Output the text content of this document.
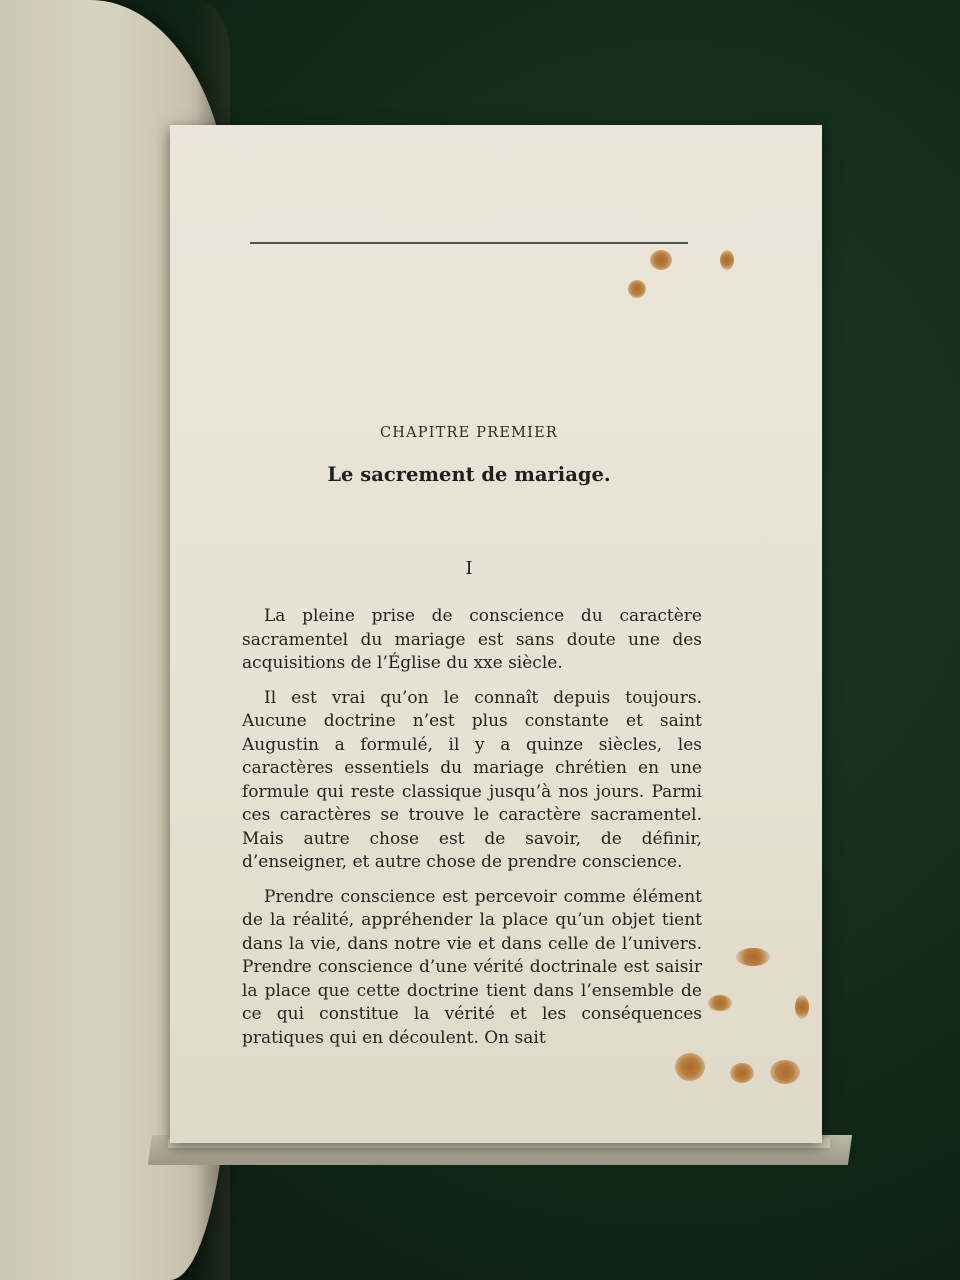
CHAPITRE PREMIER
Le sacrement de mariage.
I

La pleine prise de conscience du caractère sacramentel du mariage est sans doute une des acquisitions de l’Église du xxe siècle.

Il est vrai qu’on le connaît depuis toujours. Aucune doctrine n’est plus constante et saint Augustin a formulé, il y a quinze siècles, les caractères essentiels du mariage chrétien en une formule qui reste classique jusqu’à nos jours. Parmi ces caractères se trouve le caractère sacramentel. Mais autre chose est de savoir, de définir, d’enseigner, et autre chose de prendre conscience.

Prendre conscience est percevoir comme élément de la réalité, appréhender la place qu’un objet tient dans la vie, dans notre vie et dans celle de l’univers. Prendre conscience d’une vérité doctrinale est saisir la place que cette doctrine tient dans l’ensemble de ce qui constitue la vérité et les conséquences pratiques qui en découlent. On sait
